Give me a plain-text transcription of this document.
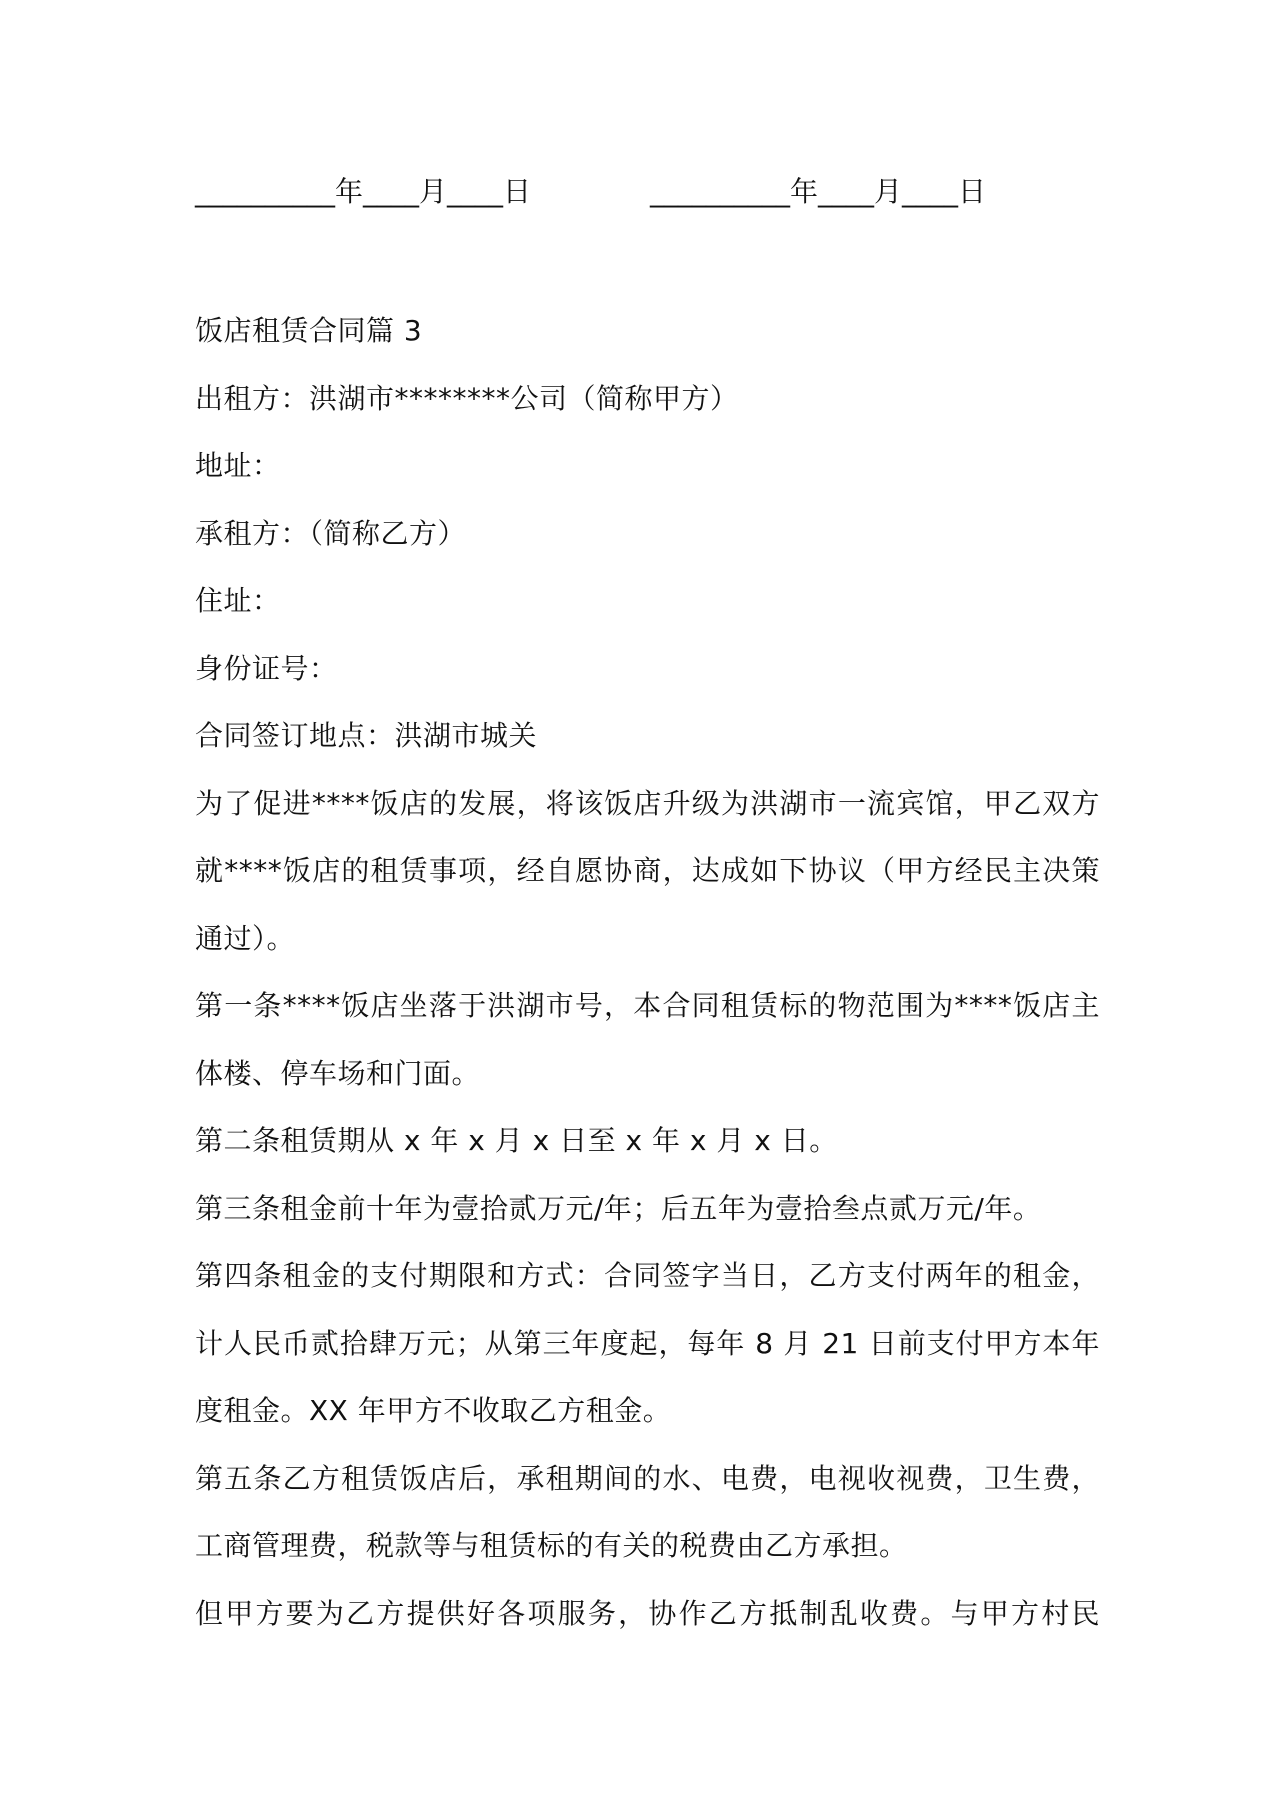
__________年____月____日	__________年____月____日

饭店租赁合同篇 3

出租方：洪湖市********公司（简称甲方）

地址：

承租方：（简称乙方）

住址：

身份证号：

合同签订地点：洪湖市城关

为了促进****饭店的发展，将该饭店升级为洪湖市一流宾馆，甲乙双方就****饭店的租赁事项，经自愿协商，达成如下协议（甲方经民主决策通过）。

第一条****饭店坐落于洪湖市号，本合同租赁标的物范围为****饭店主体楼、停车场和门面。

第二条租赁期从 x 年 x 月 x 日至 x 年 x 月 x 日。

第三条租金前十年为壹拾贰万元/年；后五年为壹拾叁点贰万元/年。

第四条租金的支付期限和方式：合同签字当日，乙方支付两年的租金，计人民币贰拾肆万元；从第三年度起，每年 8 月 21 日前支付甲方本年度租金。XX 年甲方不收取乙方租金。

第五条乙方租赁饭店后，承租期间的水、电费，电视收视费，卫生费，工商管理费，税款等与租赁标的有关的税费由乙方承担。

但甲方要为乙方提供好各项服务，协作乙方抵制乱收费。与甲方村民
